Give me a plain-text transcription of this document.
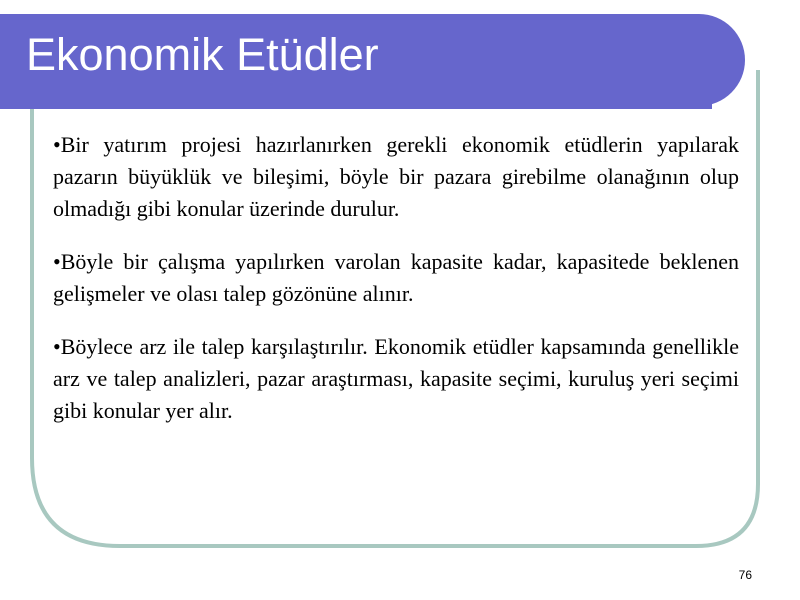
Ekonomik Etüdler

•Bir yatırım projesi hazırlanırken gerekli ekonomik etüdlerin yapılarak pazarın büyüklük ve bileşimi, böyle bir pazara girebilme olanağının olup olmadığı gibi konular üzerinde durulur.

•Böyle bir çalışma yapılırken varolan kapasite kadar, kapasitede beklenen gelişmeler ve olası talep gözönüne alınır.

•Böylece arz ile talep karşılaştırılır. Ekonomik etüdler kapsamında genellikle arz ve talep analizleri, pazar araştırması, kapasite seçimi, kuruluş yeri seçimi gibi konular yer alır.

76
